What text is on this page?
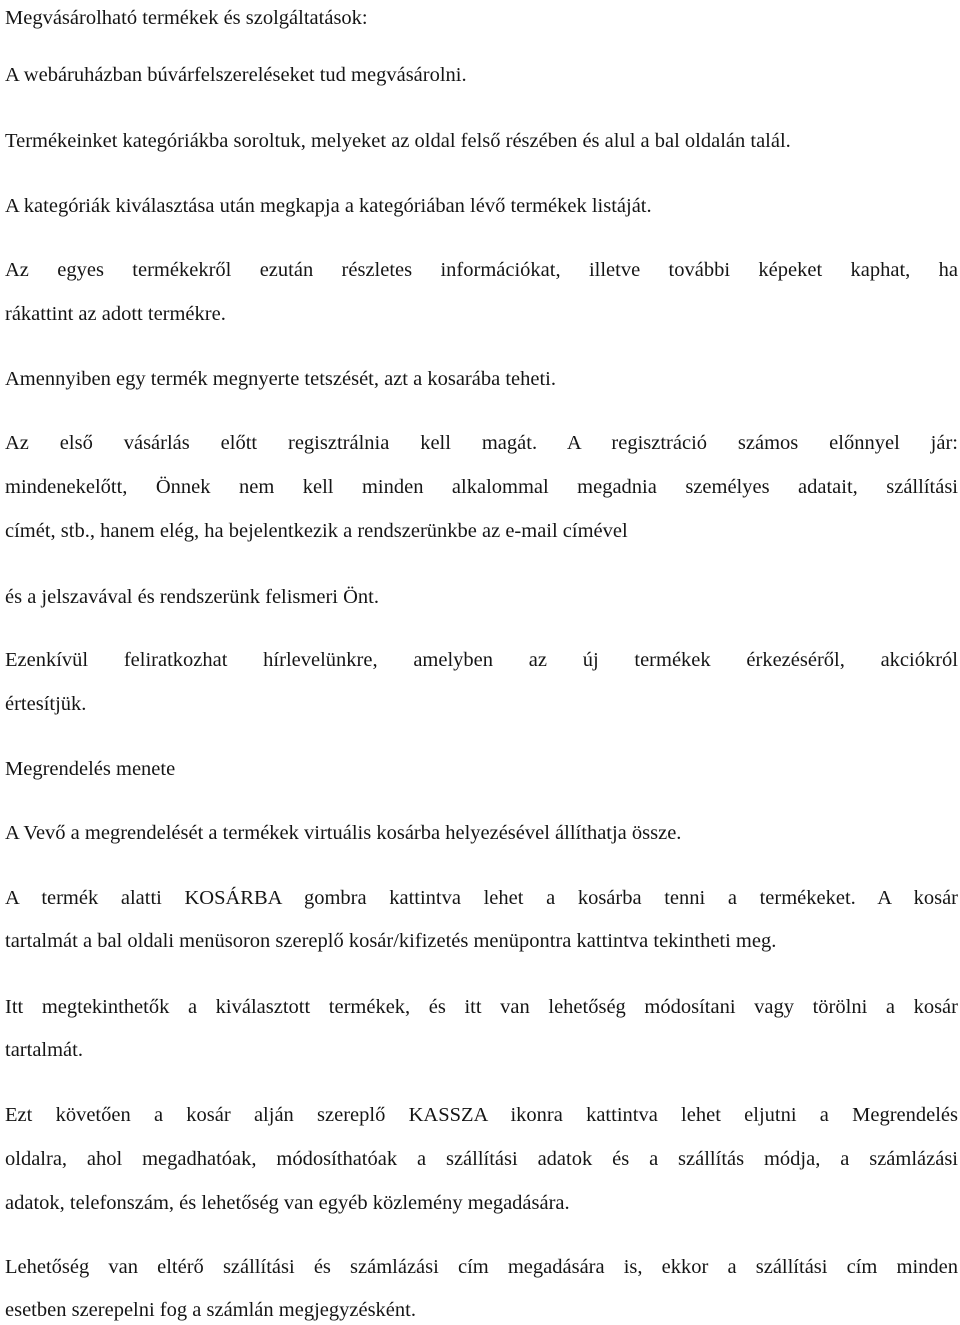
Megvásárolható termékek és szolgáltatások:
A webáruházban búvárfelszereléseket tud megvásárolni.
Termékeinket kategóriákba soroltuk, melyeket az oldal felső részében és alul a bal oldalán talál.
A kategóriák kiválasztása után megkapja a kategóriában lévő termékek listáját.
Az egyes termékekről ezután részletes információkat, illetve további képeket kaphat, ha
rákattint az adott termékre.
Amennyiben egy termék megnyerte tetszését, azt a kosarába teheti.
Az első vásárlás előtt regisztrálnia kell magát. A regisztráció számos előnnyel jár:
mindenekelőtt, Önnek nem kell minden alkalommal megadnia személyes adatait, szállítási
címét, stb., hanem elég, ha bejelentkezik a rendszerünkbe az e-mail címével
és a jelszavával és rendszerünk felismeri Önt.
Ezenkívül feliratkozhat hírlevelünkre, amelyben az új termékek érkezéséről, akciókról
értesítjük.
Megrendelés menete
A Vevő a megrendelését a termékek virtuális kosárba helyezésével állíthatja össze.
A termék alatti KOSÁRBA gombra kattintva lehet a kosárba tenni a termékeket. A kosár
tartalmát a bal oldali menüsoron szereplő kosár/kifizetés menüpontra kattintva tekintheti meg.
Itt megtekinthetők a kiválasztott termékek, és itt van lehetőség módosítani vagy törölni a kosár
tartalmát.
Ezt követően a kosár alján szereplő KASSZA ikonra kattintva lehet eljutni a Megrendelés
oldalra, ahol megadhatóak, módosíthatóak a szállítási adatok és a szállítás módja, a számlázási
adatok, telefonszám, és lehetőség van egyéb közlemény megadására.
Lehetőség van eltérő szállítási és számlázási cím megadására is, ekkor a szállítási cím minden
esetben szerepelni fog a számlán megjegyzésként.
